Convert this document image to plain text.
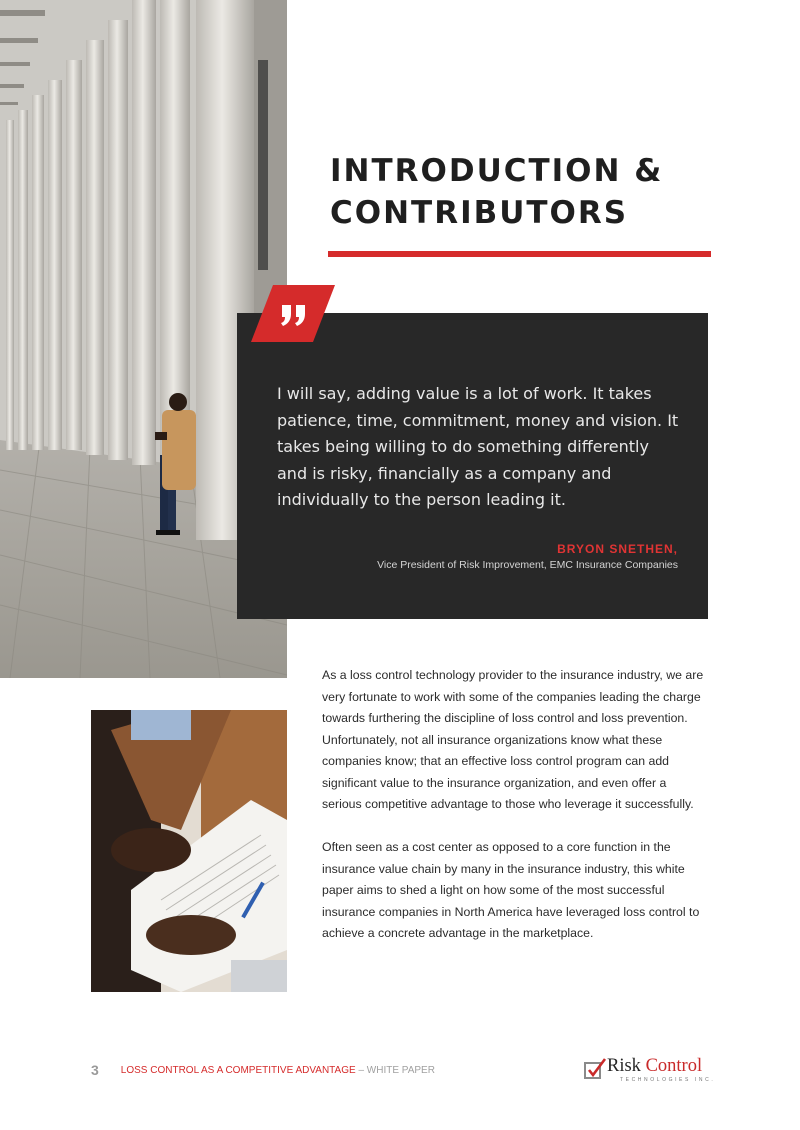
INTRODUCTION &
CONTRIBUTORS

I will say, adding value is a lot of work. It takes patience, time, commitment, money and vision. It takes being willing to do something differently and is risky, financially as a company and individually to the person leading it.

BRYON SNETHEN,
Vice President of Risk Improvement, EMC Insurance Companies

As a loss control technology provider to the insurance industry, we are very fortunate to work with some of the companies leading the charge towards furthering the discipline of loss control and loss prevention. Unfortunately, not all insurance organizations know what these companies know; that an effective loss control program can add significant value to the insurance organization, and even offer a serious competitive advantage to those who leverage it successfully.

Often seen as a cost center as opposed to a core function in the insurance value chain by many in the insurance industry, this white paper aims to shed a light on how some of the most successful insurance companies in North America have leveraged loss control to achieve a concrete advantage in the marketplace.

3 LOSS CONTROL AS A COMPETITIVE ADVANTAGE – WHITE PAPER	Risk Control
TECHNOLOGIES INC.
